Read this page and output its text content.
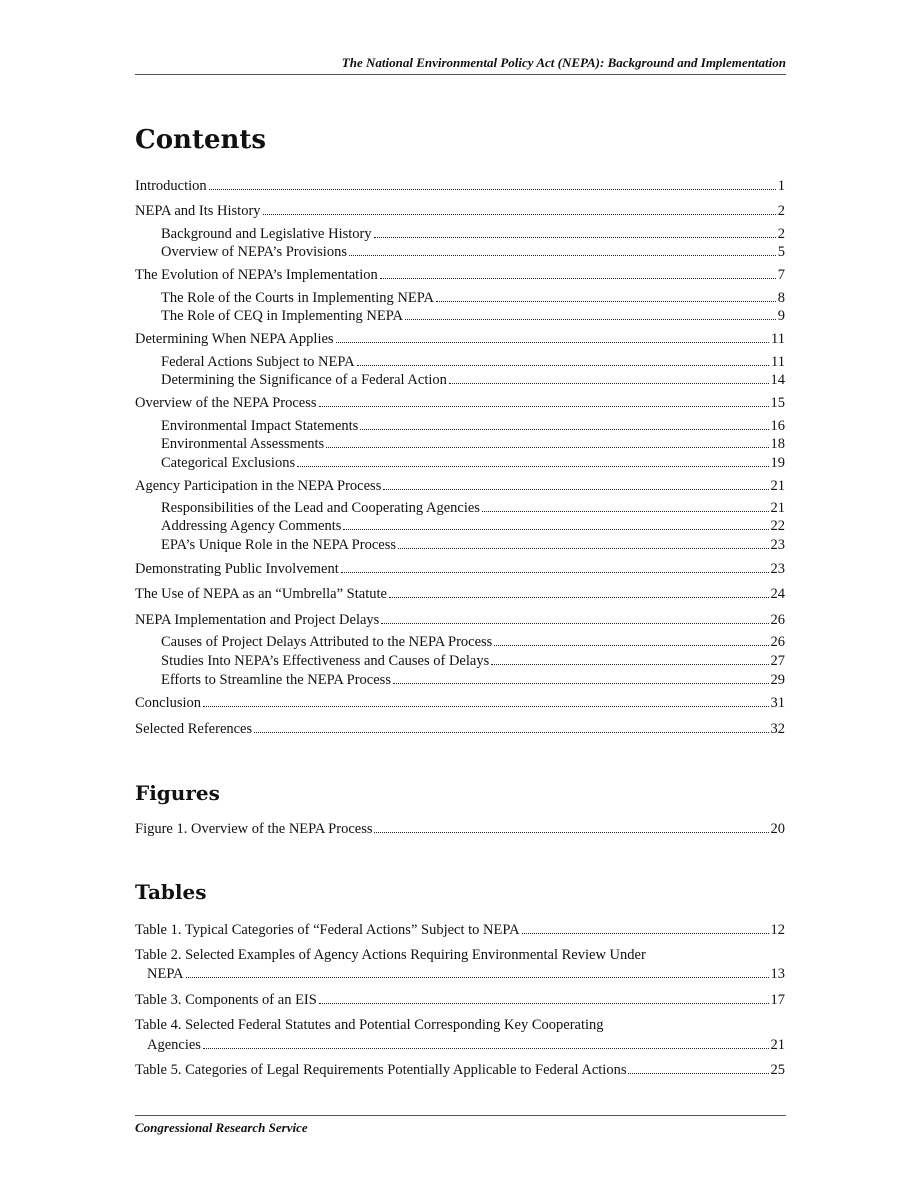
The National Environmental Policy Act (NEPA): Background and Implementation
Contents
Introduction	1
NEPA and Its History	2
Background and Legislative History	2
Overview of NEPA’s Provisions	5
The Evolution of NEPA’s Implementation	7
The Role of the Courts in Implementing NEPA	8
The Role of CEQ in Implementing NEPA	9
Determining When NEPA Applies	11
Federal Actions Subject to NEPA	11
Determining the Significance of a Federal Action	14
Overview of the NEPA Process	15
Environmental Impact Statements	16
Environmental Assessments	18
Categorical Exclusions	19
Agency Participation in the NEPA Process	21
Responsibilities of the Lead and Cooperating Agencies	21
Addressing Agency Comments	22
EPA’s Unique Role in the NEPA Process	23
Demonstrating Public Involvement	23
The Use of NEPA as an “Umbrella” Statute	24
NEPA Implementation and Project Delays	26
Causes of Project Delays Attributed to the NEPA Process	26
Studies Into NEPA’s Effectiveness and Causes of Delays	27
Efforts to Streamline the NEPA Process	29
Conclusion	31
Selected References	32
Figures
Figure 1. Overview of the NEPA Process	20
Tables
Table 1. Typical Categories of “Federal Actions” Subject to NEPA	12
Table 2. Selected Examples of Agency Actions Requiring Environmental Review Under
NEPA	13
Table 3. Components of an EIS	17
Table 4. Selected Federal Statutes and Potential Corresponding Key Cooperating
Agencies	21
Table 5. Categories of Legal Requirements Potentially Applicable to Federal Actions	25
Congressional Research Service
